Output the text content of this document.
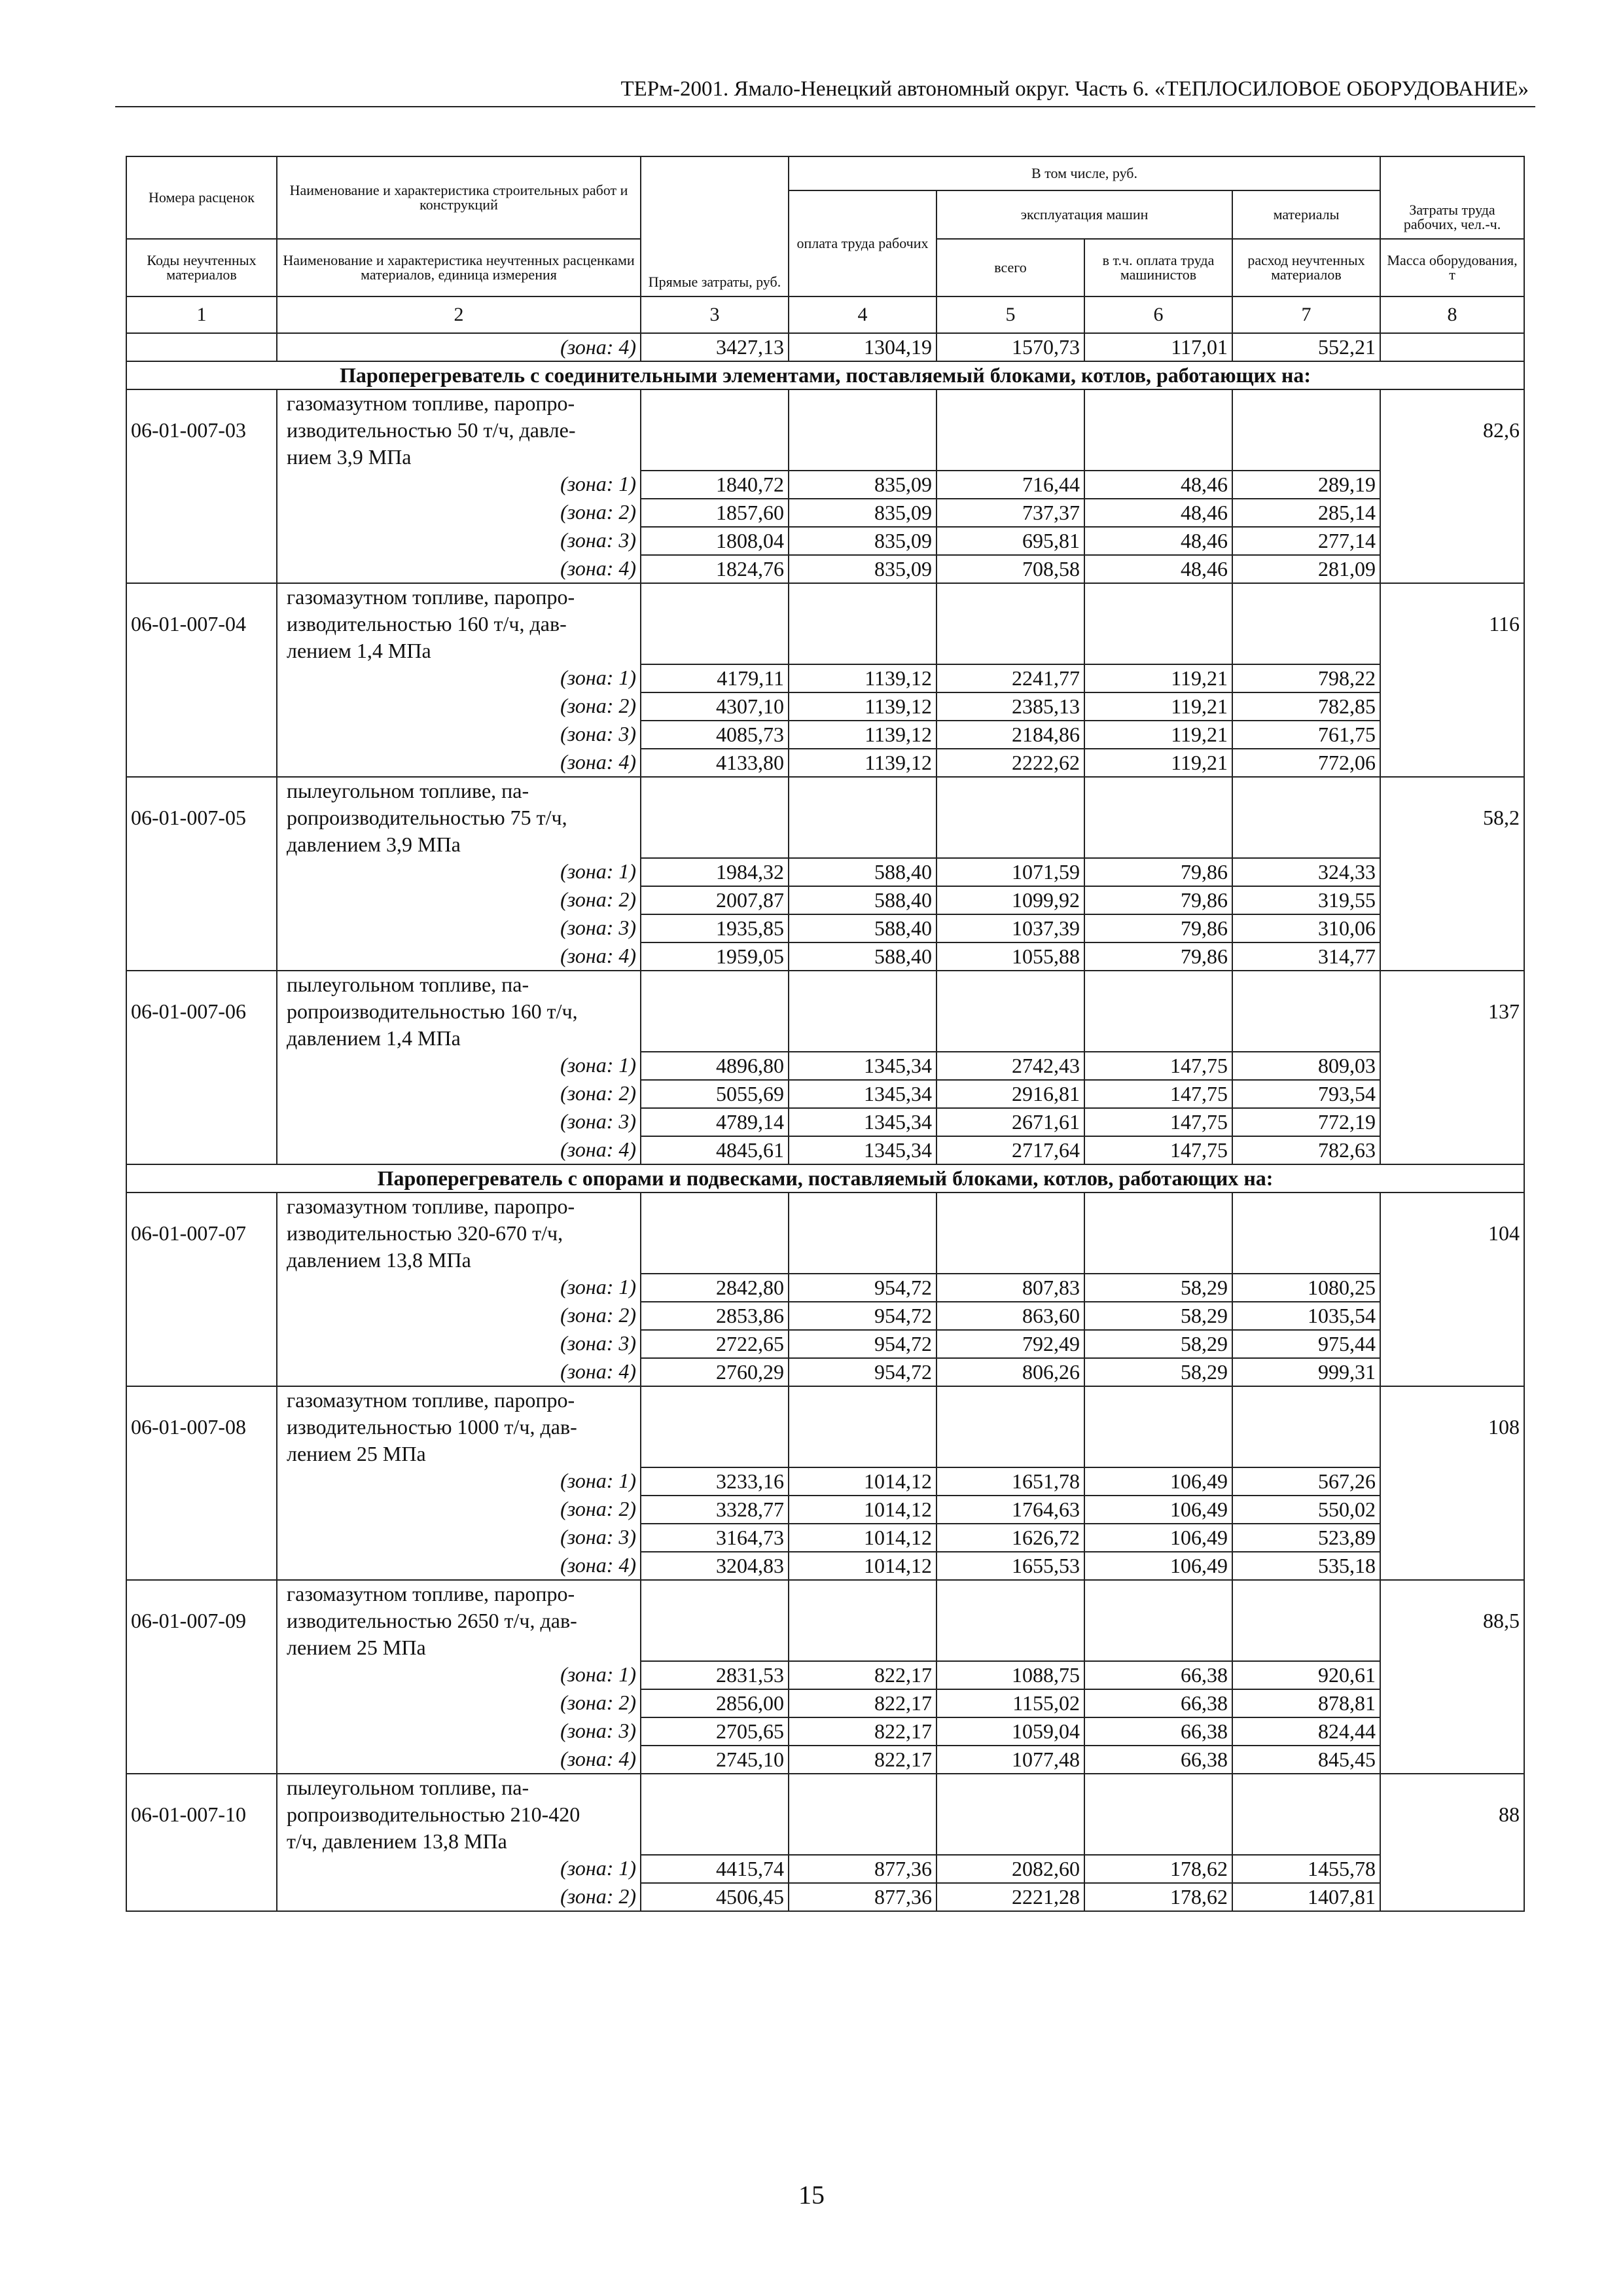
ТЕРм-2001. Ямало-Ненецкий автономный округ. Часть 6. «ТЕПЛОСИЛОВОЕ ОБОРУДОВАНИЕ»
Номера расценок	Наименование и характеристика строительных работ и конструкций	Прямые затраты, руб.	В том числе, руб.				Затраты труда рабочих, чел.-ч.
			оплата труда рабочих	эксплуатация машин		материалы	
Коды неучтенных материалов	Наименование и характеристика неучтенных расценками материалов, единица измерения			всего	в т.ч. оплата труда машинистов	расход неучтенных материалов	Масса оборудования, т
1	2	3	4	5	6	7	8
	(зона: 4)	3427,13	1304,19	1570,73	117,01	552,21	
Пароперегреватель с соединительными элементами, поставляемый блоками, котлов, работающих на:							
06-01-007-03	газомазутном топливе, паропро-
изводительностью 50 т/ч, давле-
нием 3,9 МПа						82,6
	(зона: 1)	1840,72	835,09	716,44	48,46	289,19	
	(зона: 2)	1857,60	835,09	737,37	48,46	285,14	
	(зона: 3)	1808,04	835,09	695,81	48,46	277,14	
	(зона: 4)	1824,76	835,09	708,58	48,46	281,09	
06-01-007-04	газомазутном топливе, паропро-
изводительностью 160 т/ч, дав-
лением 1,4 МПа						116
	(зона: 1)	4179,11	1139,12	2241,77	119,21	798,22	
	(зона: 2)	4307,10	1139,12	2385,13	119,21	782,85	
	(зона: 3)	4085,73	1139,12	2184,86	119,21	761,75	
	(зона: 4)	4133,80	1139,12	2222,62	119,21	772,06	
06-01-007-05	пылеугольном топливе, па-
ропроизводительностью 75 т/ч,
давлением 3,9 МПа						58,2
	(зона: 1)	1984,32	588,40	1071,59	79,86	324,33	
	(зона: 2)	2007,87	588,40	1099,92	79,86	319,55	
	(зона: 3)	1935,85	588,40	1037,39	79,86	310,06	
	(зона: 4)	1959,05	588,40	1055,88	79,86	314,77	
06-01-007-06	пылеугольном топливе, па-
ропроизводительностью 160 т/ч,
давлением 1,4 МПа						137
	(зона: 1)	4896,80	1345,34	2742,43	147,75	809,03	
	(зона: 2)	5055,69	1345,34	2916,81	147,75	793,54	
	(зона: 3)	4789,14	1345,34	2671,61	147,75	772,19	
	(зона: 4)	4845,61	1345,34	2717,64	147,75	782,63	
Пароперегреватель с опорами и подвесками, поставляемый блоками, котлов, работающих на:							
06-01-007-07	газомазутном топливе, паропро-
изводительностью 320-670 т/ч,
давлением 13,8 МПа						104
	(зона: 1)	2842,80	954,72	807,83	58,29	1080,25	
	(зона: 2)	2853,86	954,72	863,60	58,29	1035,54	
	(зона: 3)	2722,65	954,72	792,49	58,29	975,44	
	(зона: 4)	2760,29	954,72	806,26	58,29	999,31	
06-01-007-08	газомазутном топливе, паропро-
изводительностью 1000 т/ч, дав-
лением 25 МПа						108
	(зона: 1)	3233,16	1014,12	1651,78	106,49	567,26	
	(зона: 2)	3328,77	1014,12	1764,63	106,49	550,02	
	(зона: 3)	3164,73	1014,12	1626,72	106,49	523,89	
	(зона: 4)	3204,83	1014,12	1655,53	106,49	535,18	
06-01-007-09	газомазутном топливе, паропро-
изводительностью 2650 т/ч, дав-
лением 25 МПа						88,5
	(зона: 1)	2831,53	822,17	1088,75	66,38	920,61	
	(зона: 2)	2856,00	822,17	1155,02	66,38	878,81	
	(зона: 3)	2705,65	822,17	1059,04	66,38	824,44	
	(зона: 4)	2745,10	822,17	1077,48	66,38	845,45	
06-01-007-10	пылеугольном топливе, па-
ропроизводительностью 210-420
т/ч, давлением 13,8 МПа						88
	(зона: 1)	4415,74	877,36	2082,60	178,62	1455,78	
	(зона: 2)	4506,45	877,36	2221,28	178,62	1407,81	
15
